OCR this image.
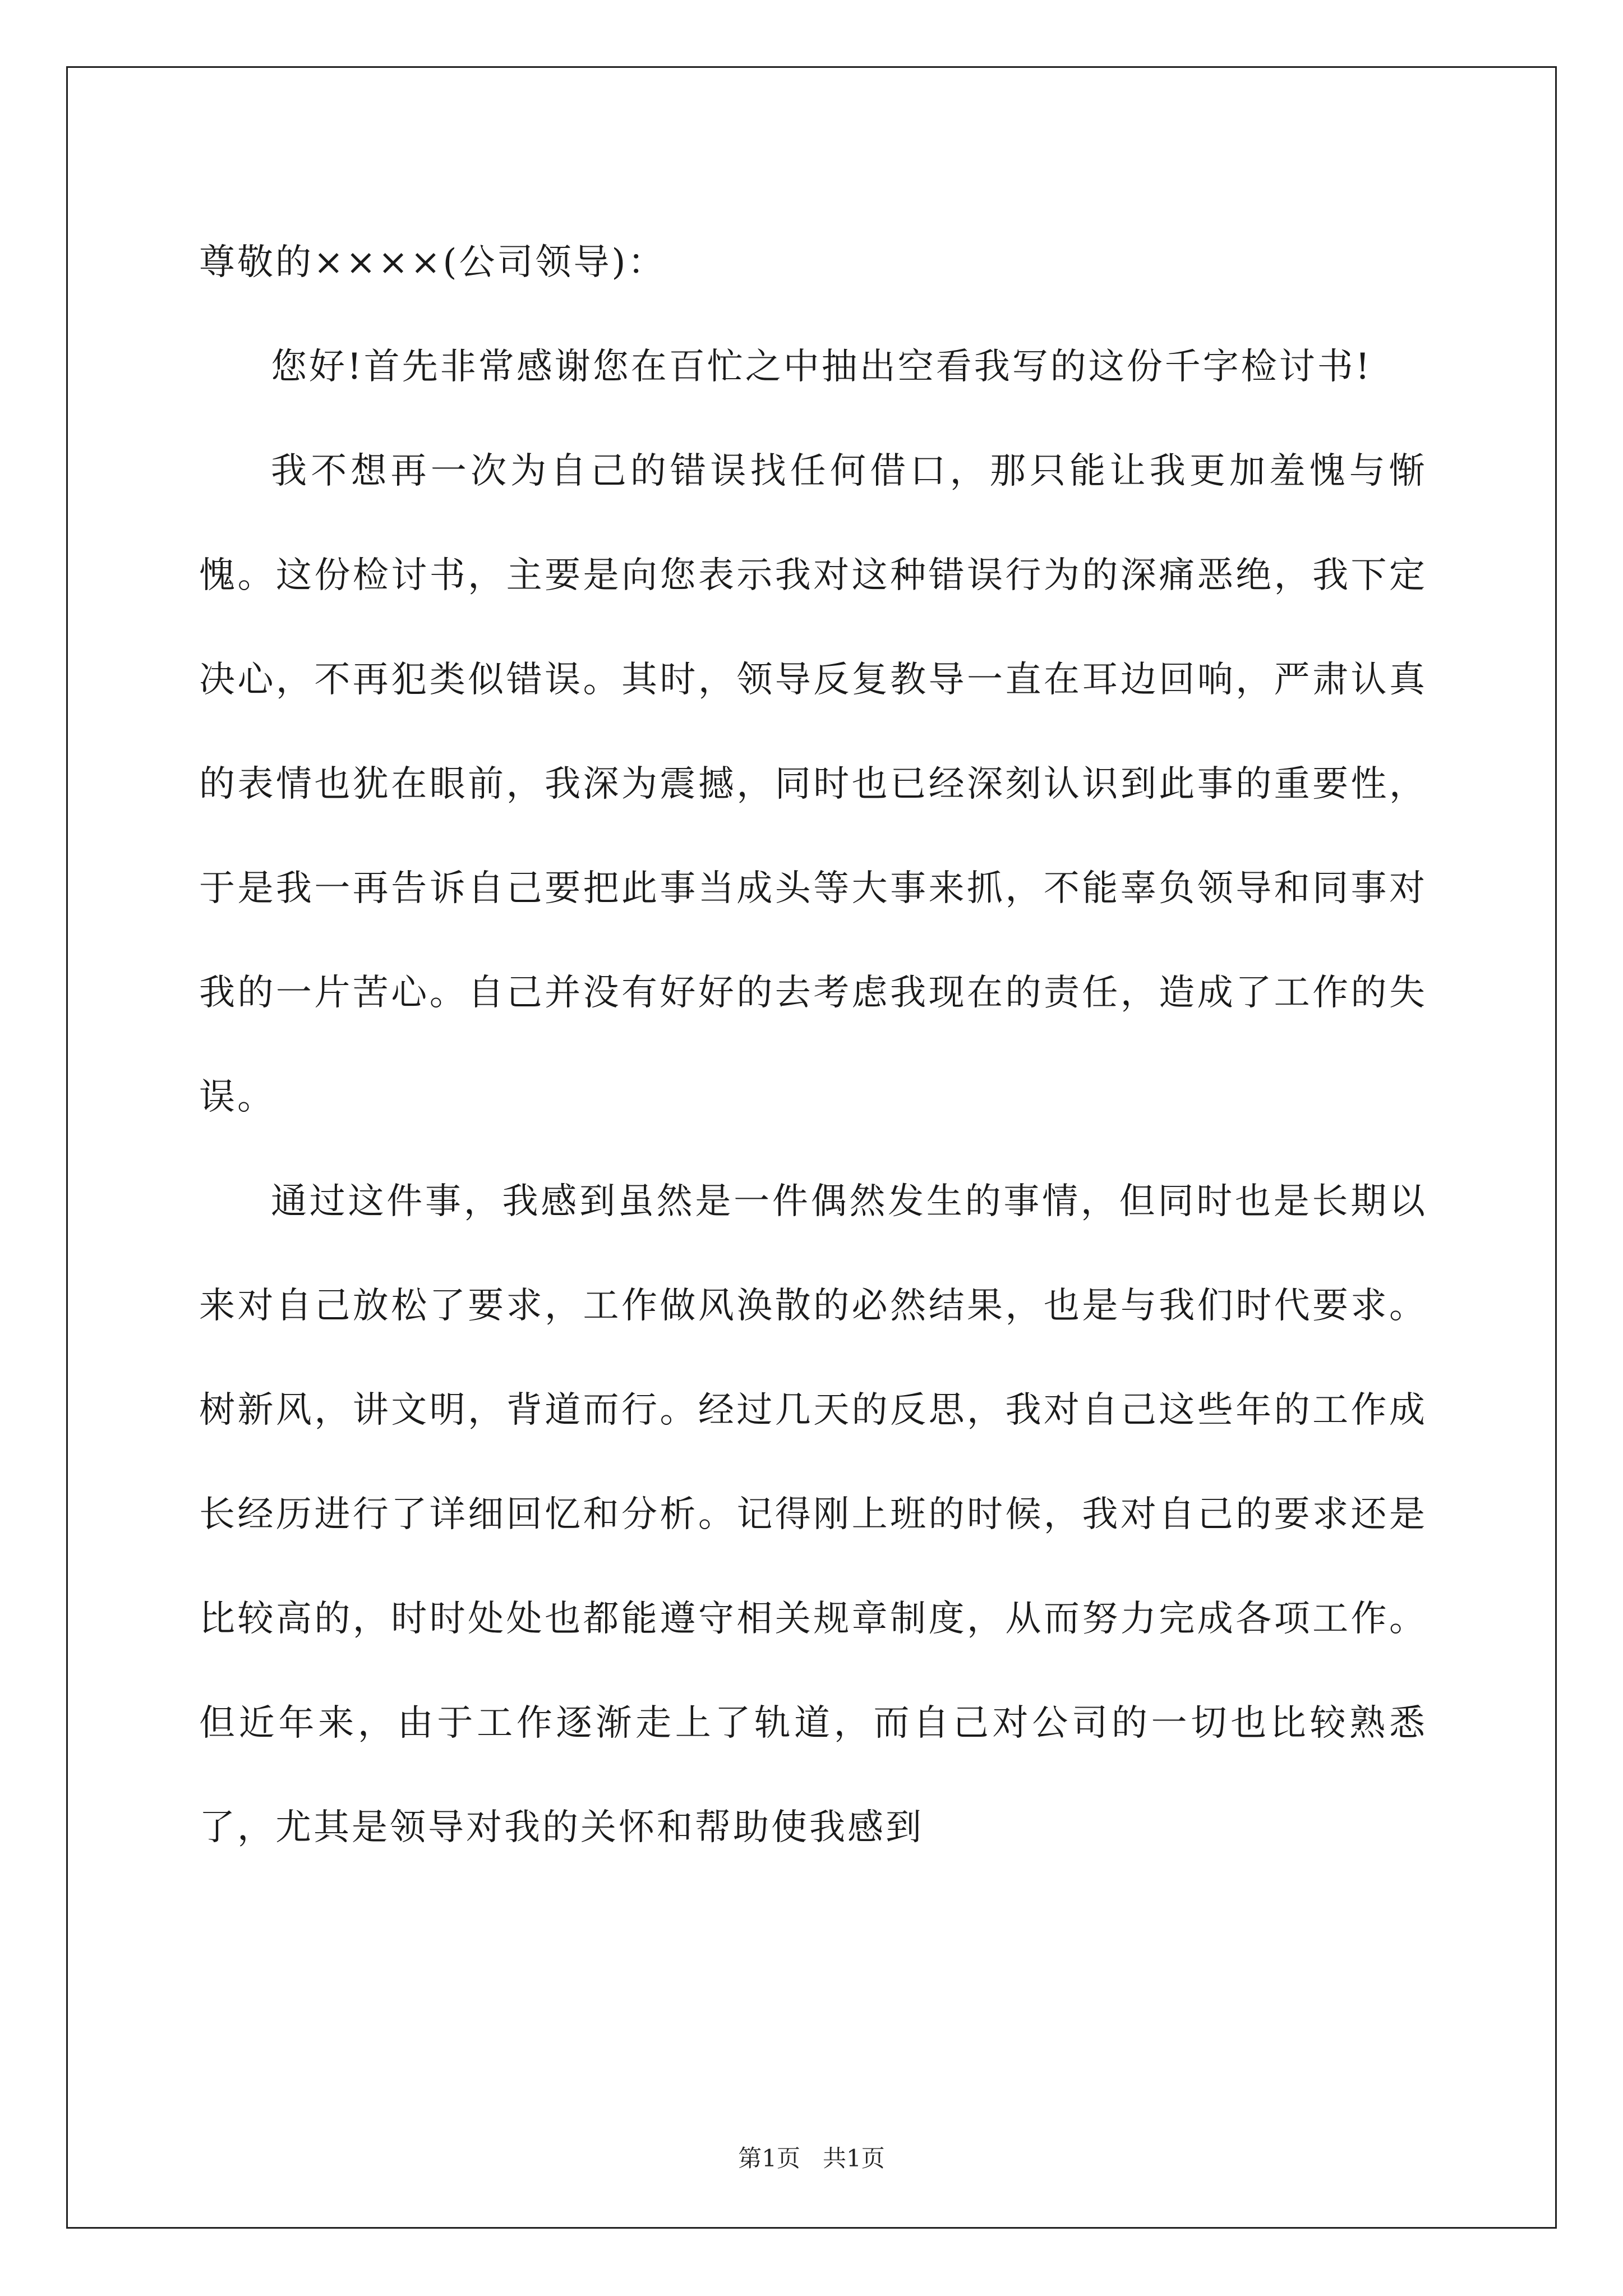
尊敬的××××(公司领导)：

您好!首先非常感谢您在百忙之中抽出空看我写的这份千字检讨书!

我不想再一次为自己的错误找任何借口，那只能让我更加羞愧与惭愧。这份检讨书，主要是向您表示我对这种错误行为的深痛恶绝，我下定决心，不再犯类似错误。其时，领导反复教导一直在耳边回响，严肃认真的表情也犹在眼前，我深为震撼，同时也已经深刻认识到此事的重要性，于是我一再告诉自己要把此事当成头等大事来抓，不能辜负领导和同事对我的一片苦心。自己并没有好好的去考虑我现在的责任，造成了工作的失误。

通过这件事，我感到虽然是一件偶然发生的事情，但同时也是长期以来对自己放松了要求，工作做风涣散的必然结果，也是与我们时代要求。树新风，讲文明，背道而行。经过几天的反思，我对自己这些年的工作成长经历进行了详细回忆和分析。记得刚上班的时候，我对自己的要求还是比较高的，时时处处也都能遵守相关规章制度，从而努力完成各项工作。但近年来，由于工作逐渐走上了轨道，而自己对公司的一切也比较熟悉了，尤其是领导对我的关怀和帮助使我感到

第1页   共1页
